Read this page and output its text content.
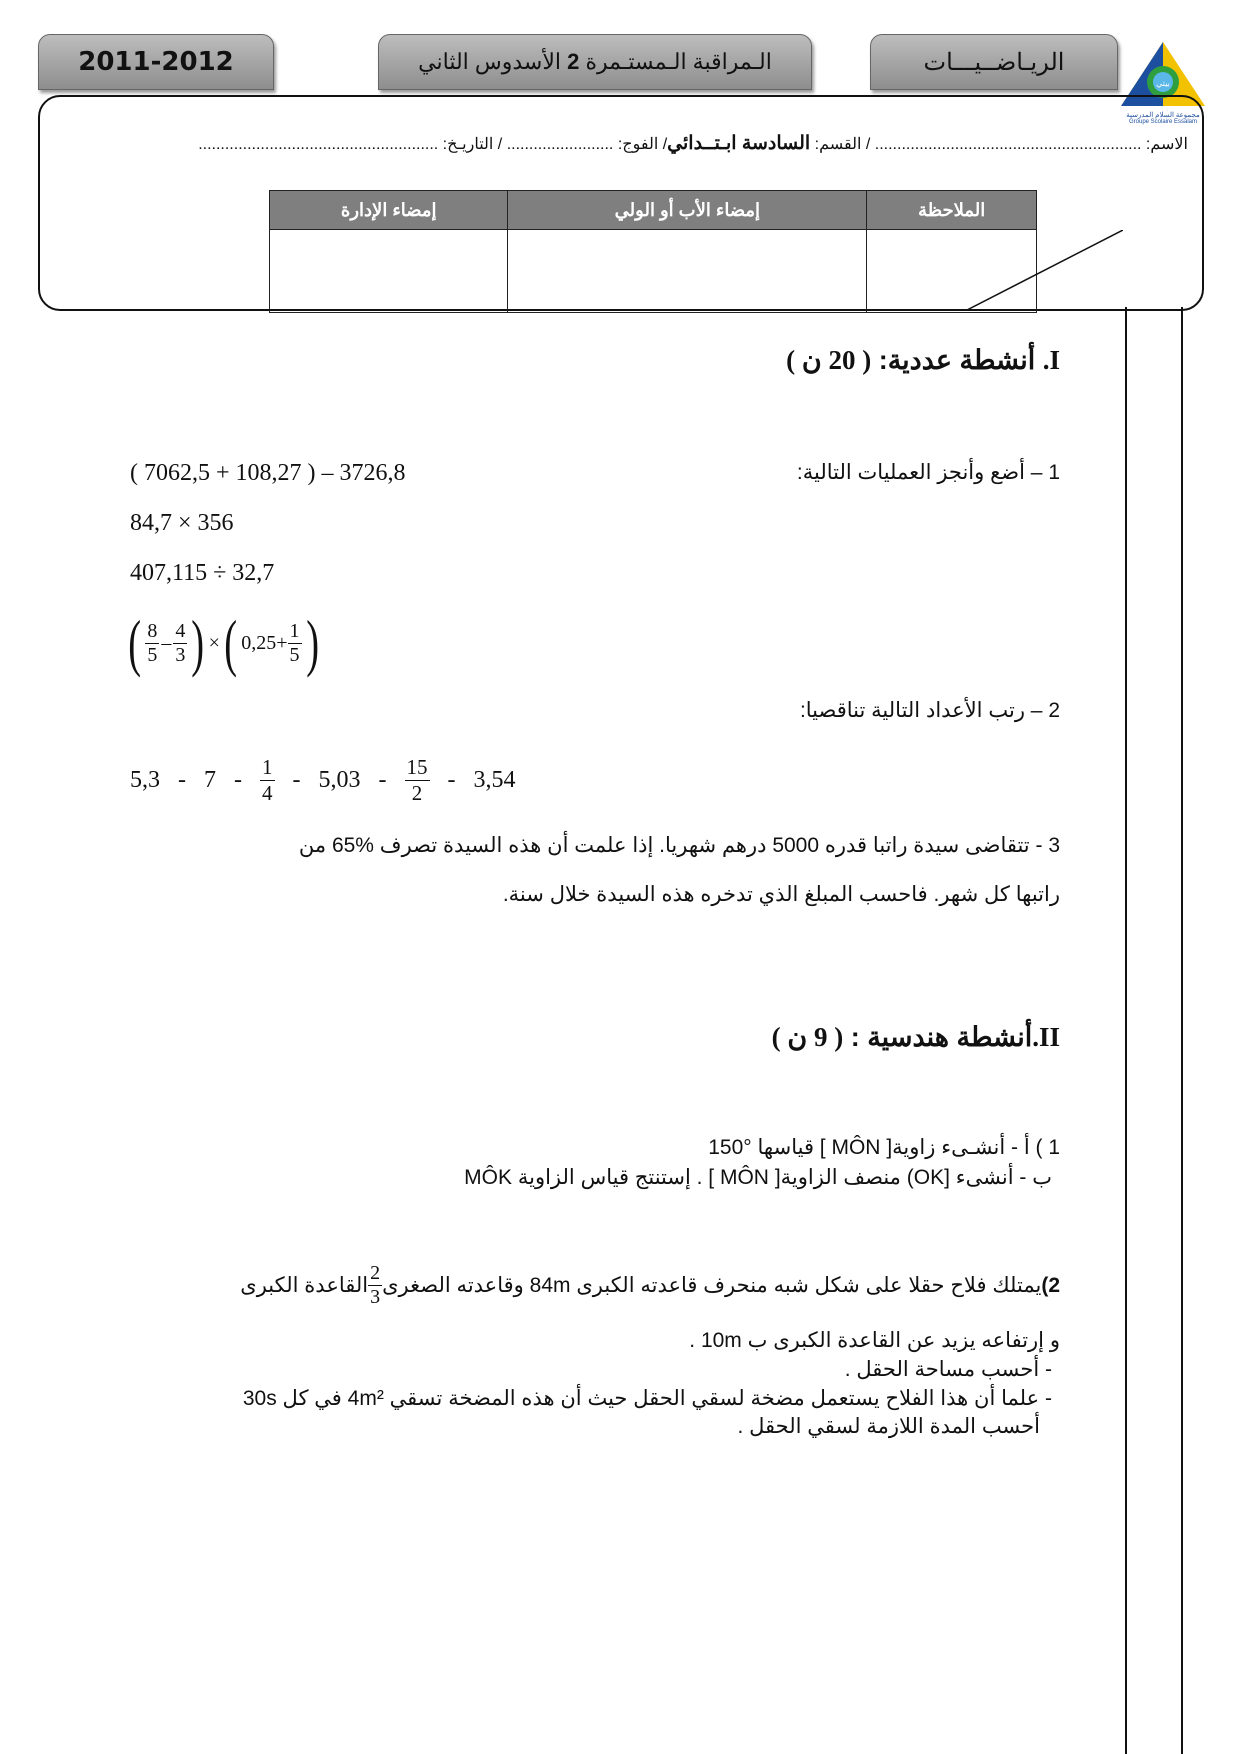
2011-2012	الـمراقبة الـمستـمرة 2 الأسدوس الثاني	الريـاضــيـــات
بيتي
مجموعة السلام المدرسية
Groupe Scolaire Essalam
الاسم: ............................................................ / القسم: السادسة ابـتــدائي/ الفوج: ........................ / التاريـخ: ......................................................
الملاحظة	إمضاء الأب أو الولي	إمضاء الإدارة

I. أنشطة عددية: ( 20 ن )
1 – أضع وأنجز العمليات التالية:
( 7062,5 + 108,27 ) – 3726,8
84,7 × 356
407,115 ÷ 32,7
( $\frac{8}{5} - \frac{4}{3}$ ) × ( $0,25 + \frac{1}{5}$ )
2 – رتب الأعداد التالية تناقصيا:
$5,3 - 7 - \frac{1}{4} - 5,03 - \frac{15}{2} - 3,54$
3 - تتقاضى سيدة راتبا قدره 5000 درهم شهريا. إذا علمت أن هذه السيدة تصرف %65 من
راتبها كل شهر. فاحسب المبلغ الذي تدخره هذه السيدة خلال سنة.
II.أنشطة هندسية : ( 9 ن )
1 ) أ - أنشـىء زاوية[ MÔN ] قياسها °150
ب - أنشىء [OK) منصف الزاوية[ MÔN ] . إستنتج قياس الزاوية MÔK
2)
يمتلك فلاح حقلا على شكل شبه منحرف قاعدته الكبرى 84m وقاعدته الصغرى
$\frac{2}{3}$
القاعدة الكبرى
و إرتفاعه يزيد عن القاعدة الكبرى ب 10m .
- أحسب مساحة الحقل .
- علما أن هذا الفلاح يستعمل مضخة لسقي الحقل حيث أن هذه المضخة تسقي 4m² في كل 30s
أحسب المدة اللازمة لسقي الحقل .
